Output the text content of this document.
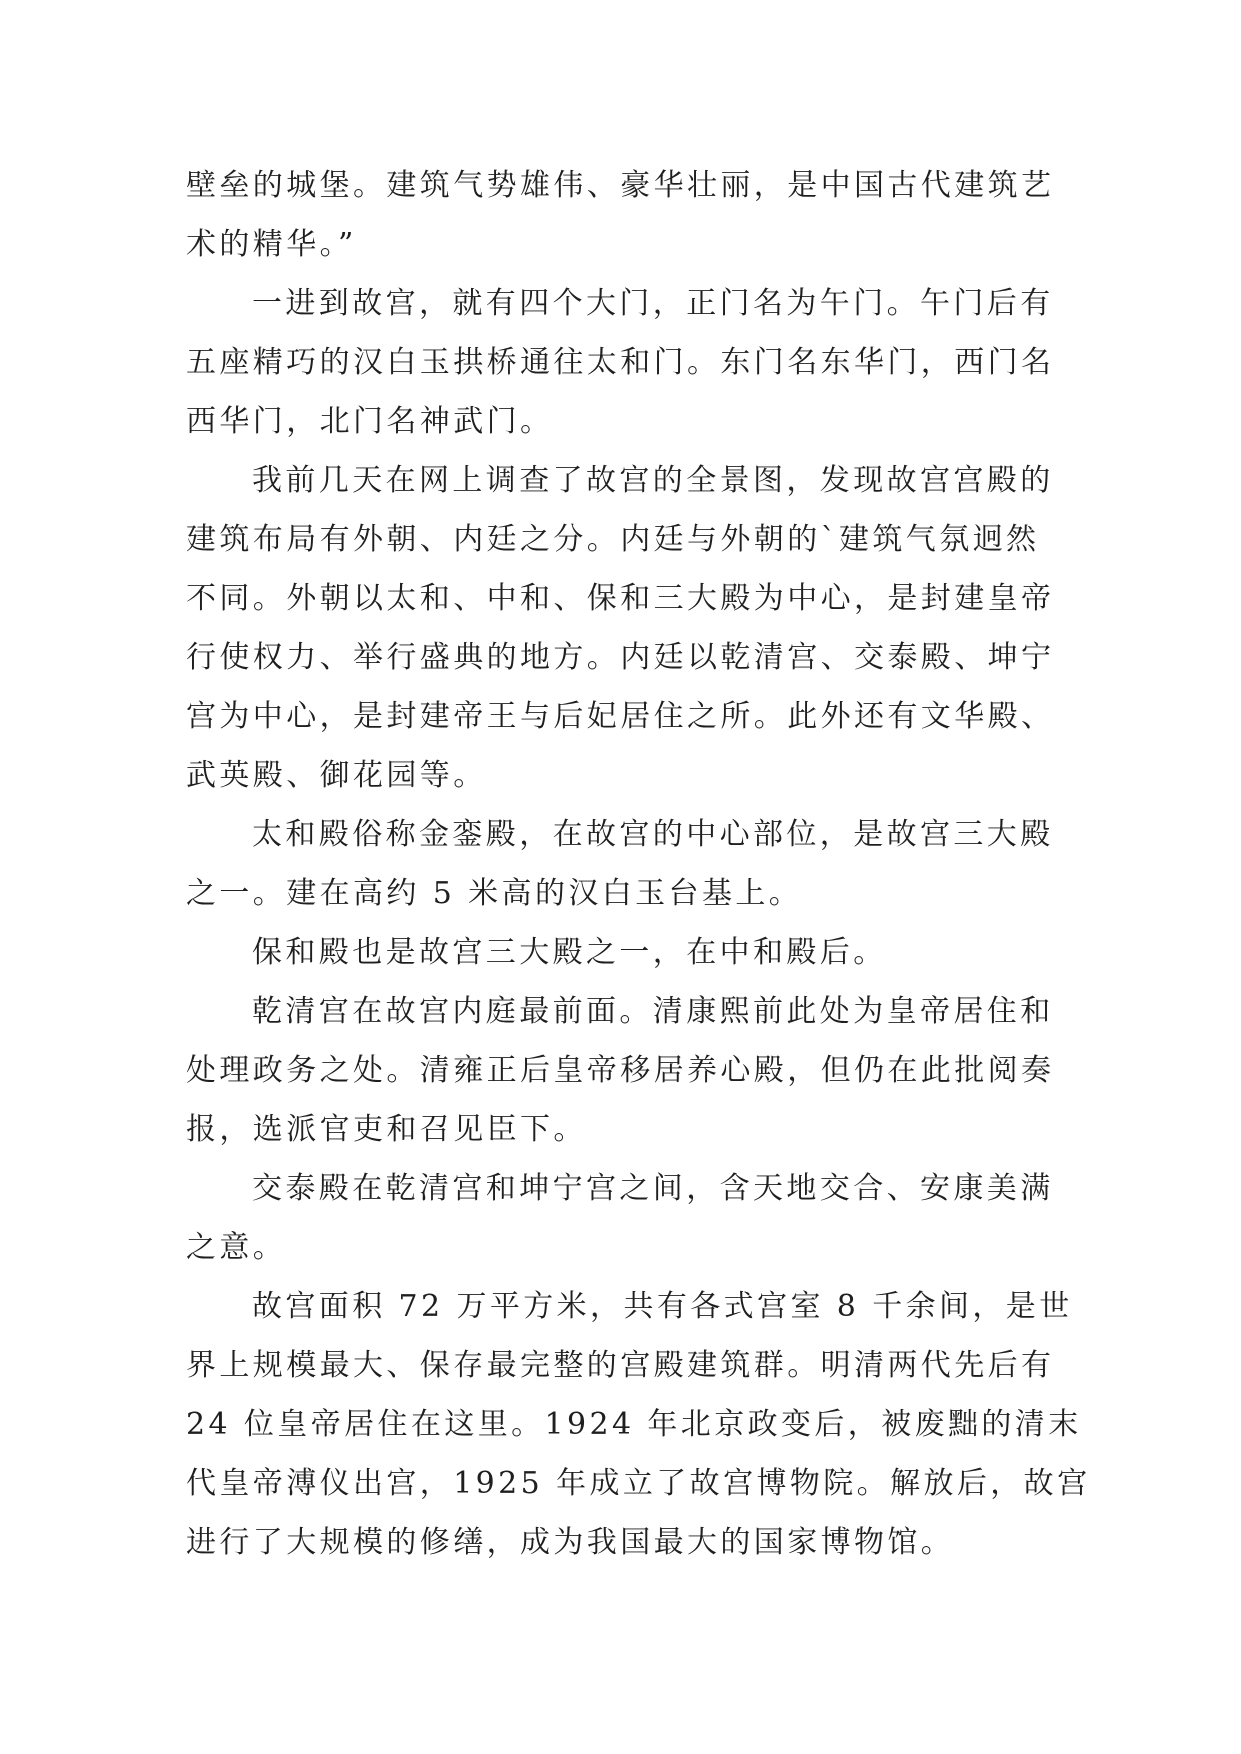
壁垒的城堡。建筑气势雄伟、豪华壮丽，是中国古代建筑艺
术的精华。”
一进到故宫，就有四个大门，正门名为午门。午门后有
五座精巧的汉白玉拱桥通往太和门。东门名东华门，西门名
西华门，北门名神武门。
我前几天在网上调查了故宫的全景图，发现故宫宫殿的
建筑布局有外朝、内廷之分。内廷与外朝的`建筑气氛迥然
不同。外朝以太和、中和、保和三大殿为中心，是封建皇帝
行使权力、举行盛典的地方。内廷以乾清宫、交泰殿、坤宁
宫为中心，是封建帝王与后妃居住之所。此外还有文华殿、
武英殿、御花园等。
太和殿俗称金銮殿，在故宫的中心部位，是故宫三大殿
之一。建在高约 5 米高的汉白玉台基上。
保和殿也是故宫三大殿之一，在中和殿后。
乾清宫在故宫内庭最前面。清康熙前此处为皇帝居住和
处理政务之处。清雍正后皇帝移居养心殿，但仍在此批阅奏
报，选派官吏和召见臣下。
交泰殿在乾清宫和坤宁宫之间，含天地交合、安康美满
之意。
故宫面积 72 万平方米，共有各式宫室 8 千余间，是世
界上规模最大、保存最完整的宫殿建筑群。明清两代先后有
24 位皇帝居住在这里。1924 年北京政变后，被废黜的清末
代皇帝溥仪出宫，1925 年成立了故宫博物院。解放后，故宫
进行了大规模的修缮，成为我国最大的国家博物馆。
